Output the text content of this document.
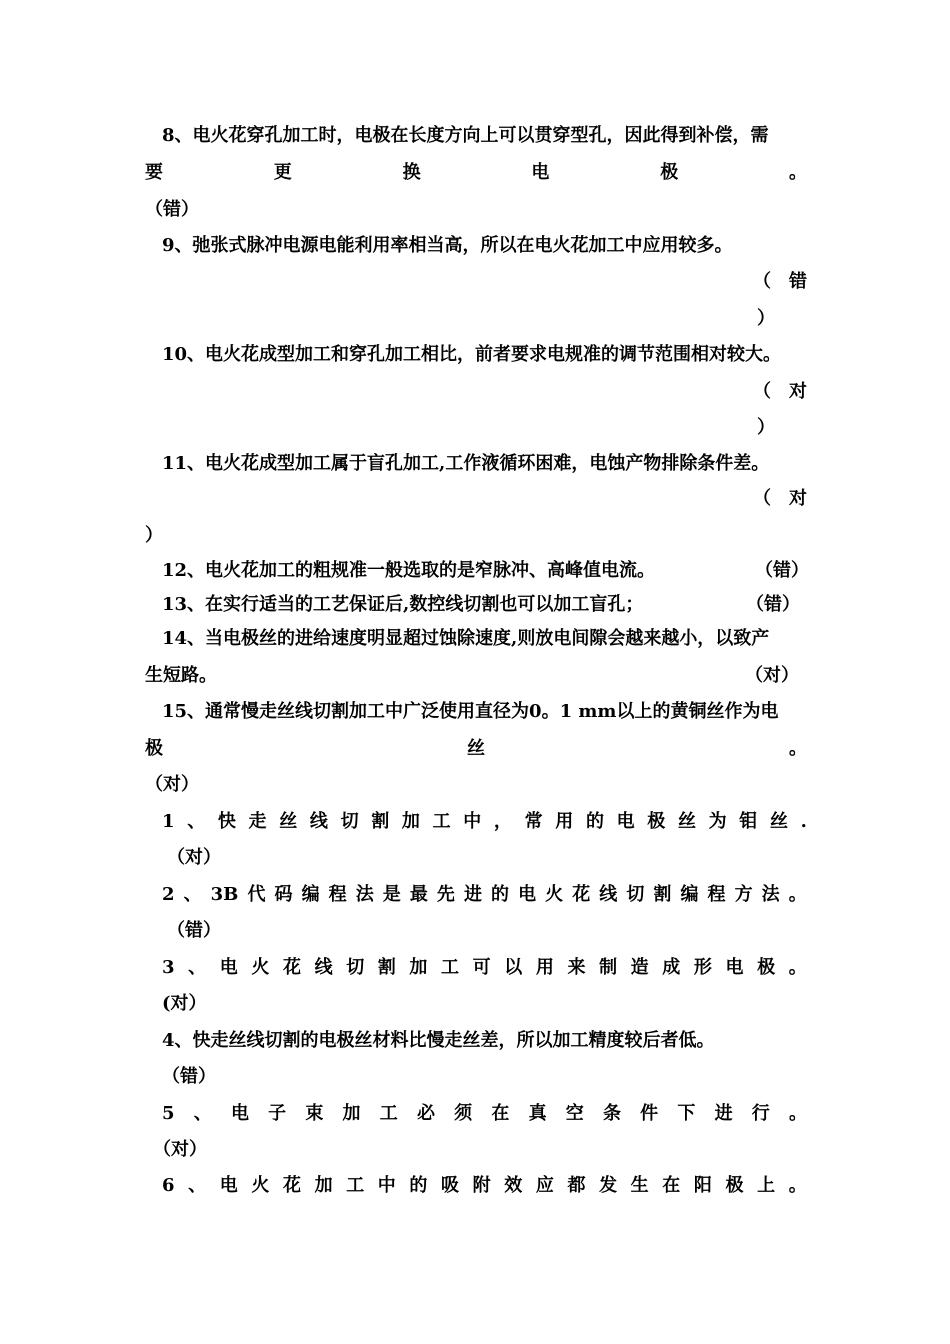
8、电火花穿孔加工时，电极在长度方向上可以贯穿型孔，因此得到补偿，需
要	更	换	电	极	。
（错）
9、弛张式脉冲电源电能利用率相当高，所以在电火花加工中应用较多。
（　错
）
10、电火花成型加工和穿孔加工相比，前者要求电规准的调节范围相对较大。
（　对
）
11、电火花成型加工属于盲孔加工,工作液循环困难，电蚀产物排除条件差。
（　对
）
12、电火花加工的粗规准一般选取的是窄脉冲、高峰值电流。	（错）
13、在实行适当的工艺保证后,数控线切割也可以加工盲孔；	（错）
14、当电极丝的进给速度明显超过蚀除速度,则放电间隙会越来越小，以致产
生短路。	（对）
15、通常慢走丝线切割加工中广泛使用直径为0。1 mm以上的黄铜丝作为电
极	丝	。
（对）
1 、 快 走 丝 线 切 割 加 工 中 ， 常 用 的 电 极 丝 为 钼 丝 .
（对）
2 、 3B 代 码 编 程 法 是 最 先 进 的 电 火 花 线 切 割 编 程 方 法 。
（错）
3 、 电 火 花 线 切 割 加 工 可 以 用 来 制 造 成 形 电 极 。
(对）
4、快走丝线切割的电极丝材料比慢走丝差，所以加工精度较后者低。
（错）
5 、 电 子 束 加 工 必 须 在 真 空 条 件 下 进 行 。
（对）
6 、 电 火 花 加 工 中 的 吸 附 效 应 都 发 生 在 阳 极 上 。
